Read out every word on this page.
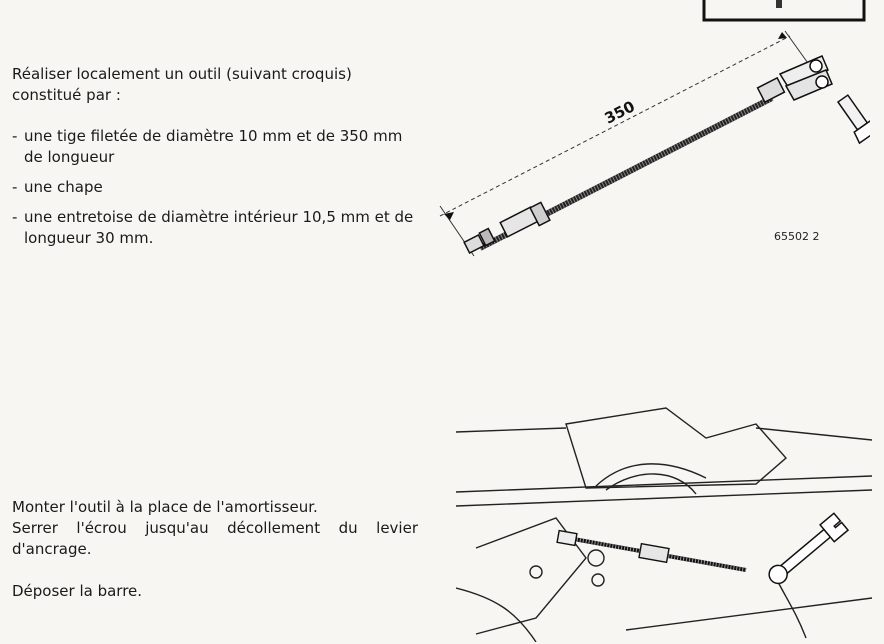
Réaliser localement un outil (suivant croquis) constitué par :
- une tige filetée de diamètre 10 mm et de 350 mm de longueur
- une chape
- une entretoise de diamètre intérieur 10,5 mm et de longueur 30 mm.
350
65502 2
Monter l'outil à la place de l'amortisseur.
Serrer l'écrou jusqu'au décollement du levier d'ancrage.
Déposer la barre.
